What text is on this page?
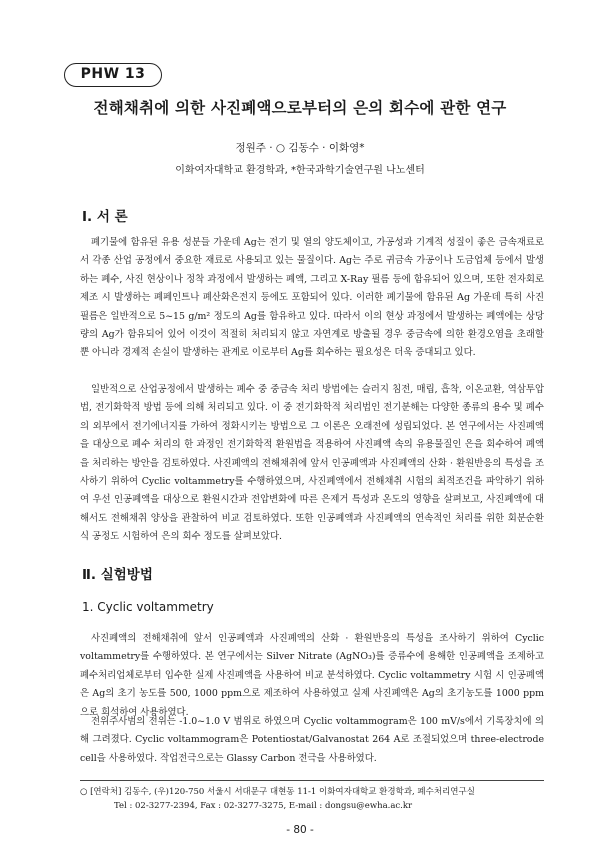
PHW 13
전해채취에 의한 사진폐액으로부터의 은의 회수에 관한 연구
정원주 · ○ 김동수 · 이화영*
이화여자대학교 환경학과, *한국과학기술연구원 나노센터
Ⅰ. 서 론

폐기물에 함유된 유용 성분들 가운데 Ag는 전기 및 열의 양도체이고, 가공성과 기계적 성질이 좋은 금속재료로서 각종 산업 공정에서 중요한 재료로 사용되고 있는 물질이다. Ag는 주로 귀금속 가공이나 도금업체 등에서 발생하는 폐수, 사진 현상이나 정착 과정에서 발생하는 폐액, 그리고 X-Ray 필름 등에 함유되어 있으며, 또한 전자회로 제조 시 발생하는 폐페인트나 폐산화은전지 등에도 포함되어 있다. 이러한 폐기물에 함유된 Ag 가운데 특히 사진필름은 일반적으로 5~15 g/m² 정도의 Ag를 함유하고 있다. 따라서 이의 현상 과정에서 발생하는 폐액에는 상당량의 Ag가 함유되어 있어 이것이 적절히 처리되지 않고 자연계로 방출될 경우 중금속에 의한 환경오염을 초래할 뿐 아니라 경제적 손실이 발생하는 관계로 이로부터 Ag를 회수하는 필요성은 더욱 증대되고 있다.

일반적으로 산업공정에서 발생하는 폐수 중 중금속 처리 방법에는 슬러지 침전, 매립, 흡착, 이온교환, 역삼투압법, 전기화학적 방법 등에 의해 처리되고 있다. 이 중 전기화학적 처리법인 전기분해는 다양한 종류의 용수 및 폐수의 외부에서 전기에너지를 가하여 정화시키는 방법으로 그 이론은 오래전에 성립되었다. 본 연구에서는 사진폐액을 대상으로 폐수 처리의 한 과정인 전기화학적 환원법을 적용하여 사진폐액 속의 유용물질인 은을 회수하여 폐액을 처리하는 방안을 검토하였다. 사진폐액의 전해채취에 앞서 인공폐액과 사진폐액의 산화 · 환원반응의 특성을 조사하기 위하여 Cyclic voltammetry를 수행하였으며, 사진폐액에서 전해채취 시험의 최적조건을 파악하기 위하여 우선 인공폐액을 대상으로 환원시간과 전압변화에 따른 은제거 특성과 온도의 영향을 살펴보고, 사진폐액에 대해서도 전해채취 양상을 관찰하여 비교 검토하였다. 또한 인공폐액과 사진폐액의 연속적인 처리를 위한 회분순환식 공정도 시험하여 은의 회수 정도를 살펴보았다.

Ⅱ. 실험방법
1. Cyclic voltammetry

사진폐액의 전해채취에 앞서 인공폐액과 사진폐액의 산화 · 환원반응의 특성을 조사하기 위하여 Cyclic voltammetry를 수행하였다. 본 연구에서는 Silver Nitrate (AgNO₃)를 증류수에 용해한 인공폐액을 조제하고 폐수처리업체로부터 입수한 실제 사진폐액을 사용하여 비교 분석하였다. Cyclic voltammetry 시험 시 인공폐액은 Ag의 초기 농도를 500, 1000 ppm으로 제조하여 사용하였고 실제 사진폐액은 Ag의 초기농도를 1000 ppm으로 희석하여 사용하였다.

전위주사범의 전위는 -1.0~1.0 V 범위로 하였으며 Cyclic voltammogram은 100 mV/s에서 기록장치에 의해 그려졌다. Cyclic voltammogram은 Potentiostat/Galvanostat 264 A로 조절되었으며 three-electrode cell을 사용하였다. 작업전극으로는 Glassy Carbon 전극을 사용하였다.

○ [연락처] 김동수, (우)120-750 서울시 서대문구 대현동 11-1 이화여자대학교 환경학과, 폐수처리연구실
Tel : 02-3277-2394, Fax : 02-3277-3275, E-mail : dongsu@ewha.ac.kr
- 80 -
